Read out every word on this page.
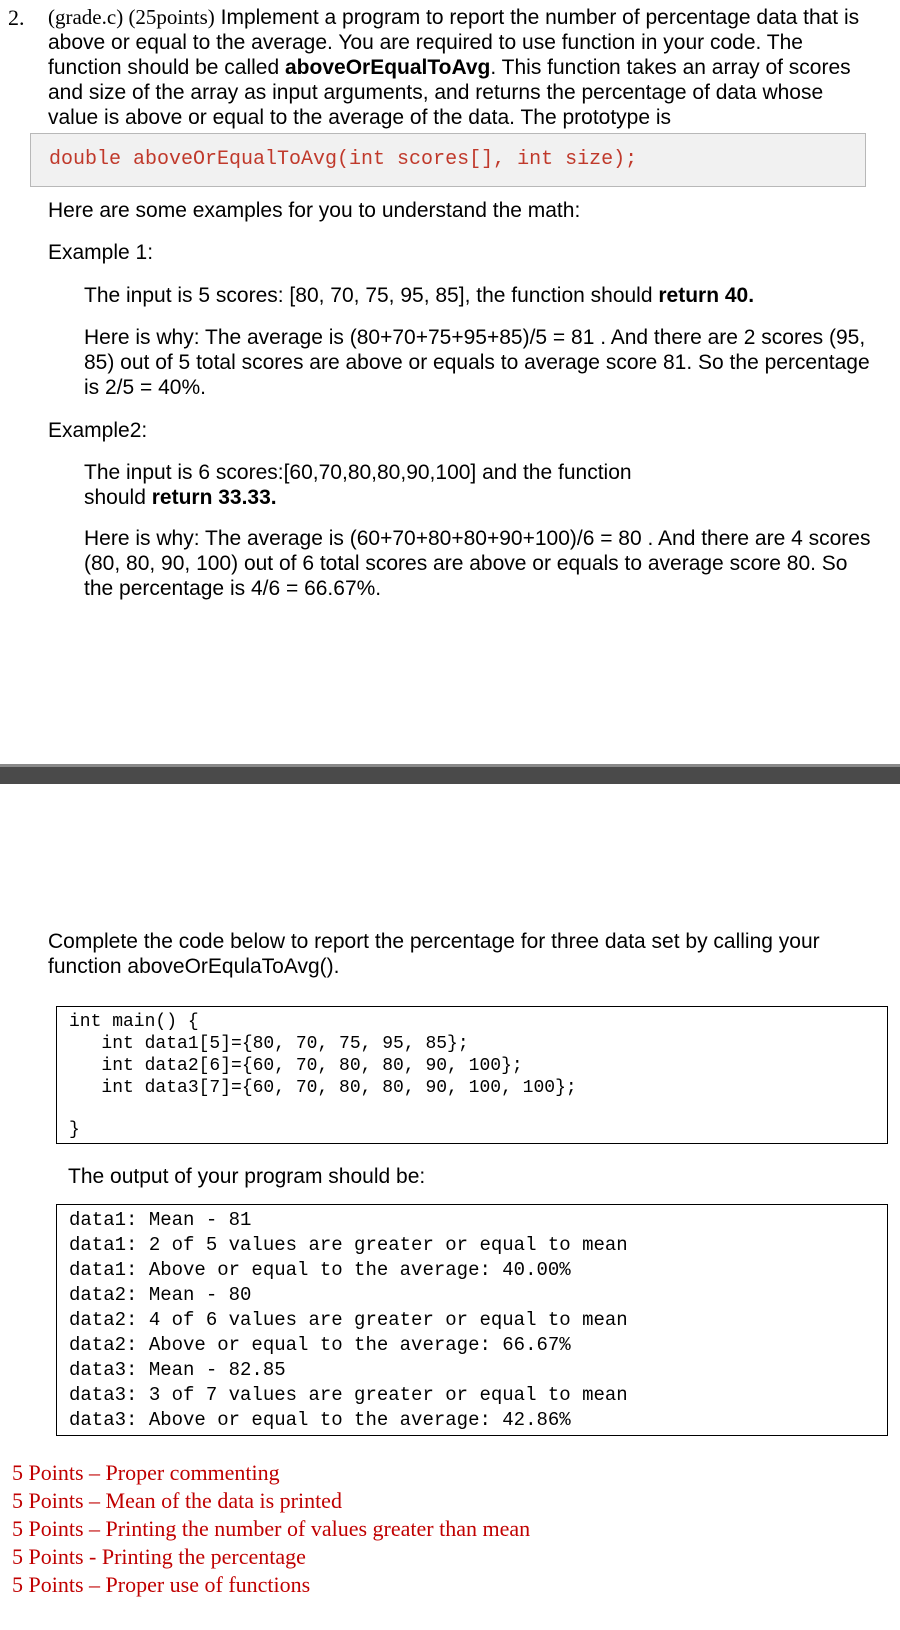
2. (grade.c) (25points) Implement a program to report the number of percentage data that is above or equal to the average. You are required to use function in your code. The function should be called aboveOrEqualToAvg. This function takes an array of scores and size of the array as input arguments, and returns the percentage of data whose value is above or equal to the average of the data. The prototype is
double aboveOrEqualToAvg(int scores[], int size);
Here are some examples for you to understand the math:
Example 1:
The input is 5 scores: [80, 70, 75, 95, 85], the function should return 40.
Here is why: The average is (80+70+75+95+85)/5 = 81 . And there are 2 scores (95, 85) out of 5 total scores are above or equals to average score 81. So the percentage is 2/5 = 40%.
Example2:
The input is 6 scores:[60,70,80,80,90,100] and the function
should return 33.33.
Here is why: The average is (60+70+80+80+90+100)/6 = 80 . And there are 4 scores (80, 80, 90, 100) out of 6 total scores are above or equals to average score 80. So the percentage is 4/6 = 66.67%.
Complete the code below to report the percentage for three data set by calling your function aboveOrEqulaToAvg().
int main() {
int data1[5]={80, 70, 75, 95, 85};
int data2[6]={60, 70, 80, 80, 90, 100};
int data3[7]={60, 70, 80, 80, 90, 100, 100};
}
The output of your program should be:
data1: Mean - 81
data1: 2 of 5 values are greater or equal to mean
data1: Above or equal to the average: 40.00%
data2: Mean - 80
data2: 4 of 6 values are greater or equal to mean
data2: Above or equal to the average: 66.67%
data3: Mean - 82.85
data3: 3 of 7 values are greater or equal to mean
data3: Above or equal to the average: 42.86%
5 Points – Proper commenting
5 Points – Mean of the data is printed
5 Points – Printing the number of values greater than mean
5 Points - Printing the percentage
5 Points – Proper use of functions
